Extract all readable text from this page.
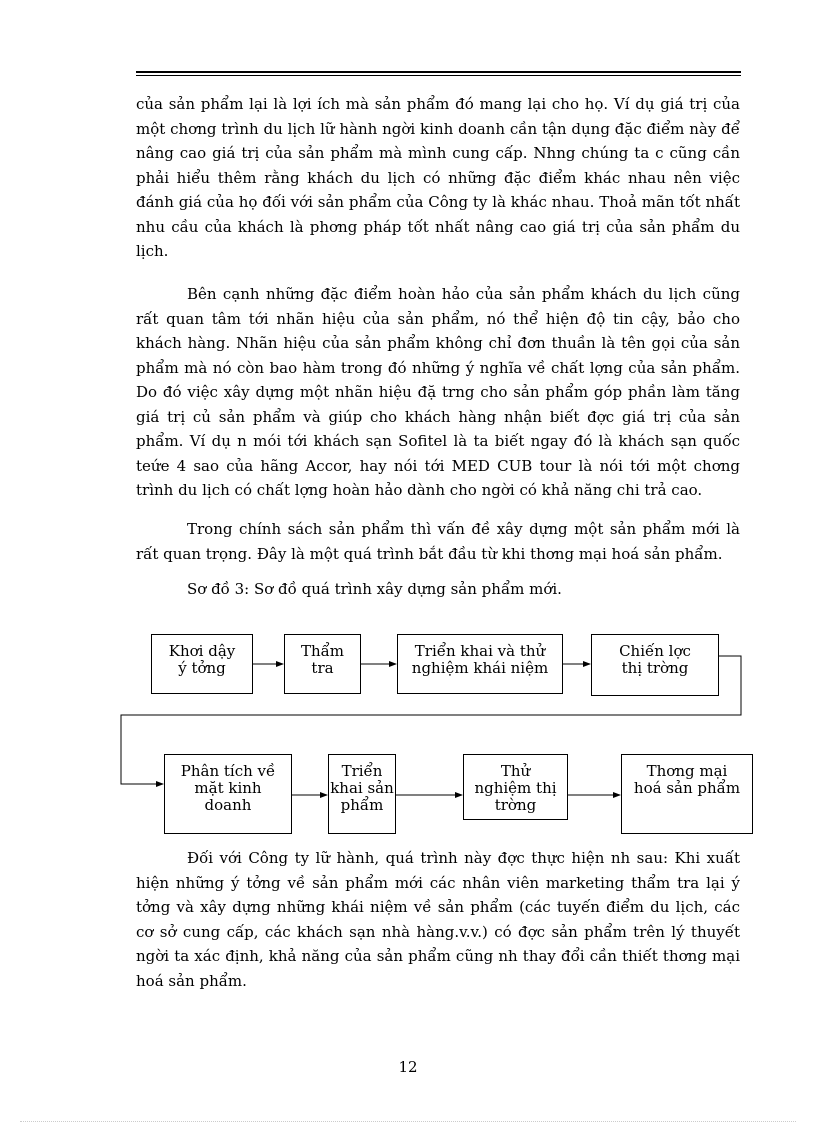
của sản phẩm lại là lợi ích mà sản phẩm đó mang lại cho họ. Ví dụ giá trị của một chơng trình du lịch lữ hành ngời kinh doanh cần tận dụng đặc điểm này để nâng cao giá trị của sản phẩm mà mình cung cấp. Nhng chúng ta c cũng cần phải hiểu thêm rằng khách du lịch có những đặc điểm khác nhau nên việc đánh giá của họ đối với sản phẩm của Công ty là khác nhau. Thoả mãn tốt nhất nhu cầu của khách là phơng pháp tốt nhất nâng cao giá trị của sản phẩm du lịch.

Bên cạnh những đặc điểm hoàn hảo của sản phẩm khách du lịch cũng rất quan tâm tới nhãn hiệu của sản phẩm, nó thể hiện độ tin cậy, bảo cho khách hàng. Nhãn hiệu của sản phẩm không chỉ đơn thuần là tên gọi của sản phẩm mà nó còn bao hàm trong đó những ý nghĩa về chất lợng của sản phẩm. Do đó việc xây dựng một nhãn hiệu đặ trng cho sản phẩm góp phần làm tăng giá trị củ sản phẩm và giúp cho khách hàng nhận biết đợc giá trị của sản phẩm. Ví dụ n mói tới khách sạn Sofitel là ta biết ngay đó là khách sạn quốc teứe 4 sao của hãng Accor, hay nói tới MED CUB tour là nói tới một chơng trình du lịch có chất lợng hoàn hảo dành cho ngời có khả năng chi trả cao.

Trong chính sách sản phẩm thì vấn đề xây dựng một sản phẩm mới là rất quan trọng. Đây là một quá trình bắt đầu từ khi thơng mại hoá sản phẩm.

Sơ đồ 3: Sơ đồ quá trình xây dựng sản phẩm mới.

Khơi dậy
ý tởng
Thẩm
tra
Triển khai và thử
nghiệm khái niệm
Chiến lợc
thị trờng
Phân tích về
mặt kinh
doanh
Triển
khai sản
phẩm
Thử
nghiệm thị
trờng
Thơng mại
hoá sản phẩm

Đối với Công ty lữ hành, quá trình này đợc thực hiện nh sau: Khi xuất hiện những ý tởng về sản phẩm mới các nhân viên marketing thẩm tra lại ý tởng và xây dựng những khái niệm về sản phẩm (các tuyến điểm du lịch, các cơ sở cung cấp, các khách sạn nhà hàng.v.v.) có đợc sản phẩm trên lý thuyết ngời ta xác định, khả năng của sản phẩm cũng nh thay đổi cần thiết thơng mại hoá sản phẩm.

12
